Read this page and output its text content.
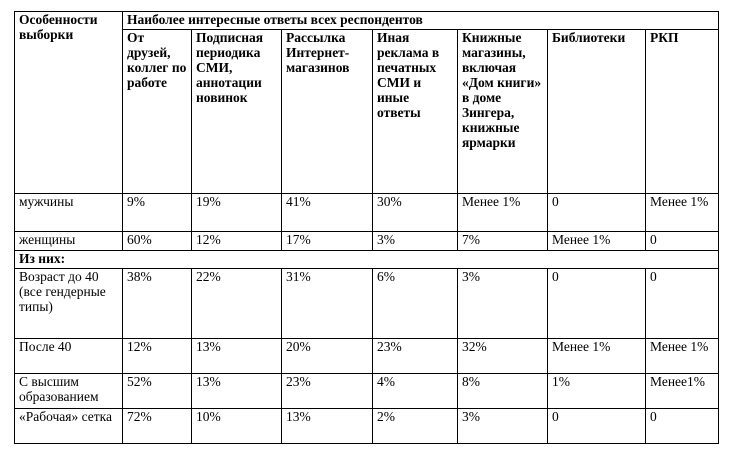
Особенности выборки	Наиболее интересные ответы всех респондентов						
	От друзей, коллег по работе	Подписная периодика СМИ, аннотации новинок	Рассылка Интернет-магазинов	Иная реклама в печатных СМИ и иные ответы	Книжные магазины, включая «Дом книги» в доме Зингера, книжные ярмарки	Библиотеки	РКП
мужчины	9%	19%	41%	30%	Менее 1%	0	Менее 1%
женщины	60%	12%	17%	3%	7%	Менее 1%	0
Из них:							
Возраст до 40 (все гендерные типы)	38%	22%	31%	6%	3%	0	0
После 40	12%	13%	20%	23%	32%	Менее 1%	Менее 1%
С высшим образованием	52%	13%	23%	4%	8%	1%	Менее1%
«Рабочая» сетка	72%	10%	13%	2%	3%	0	0
